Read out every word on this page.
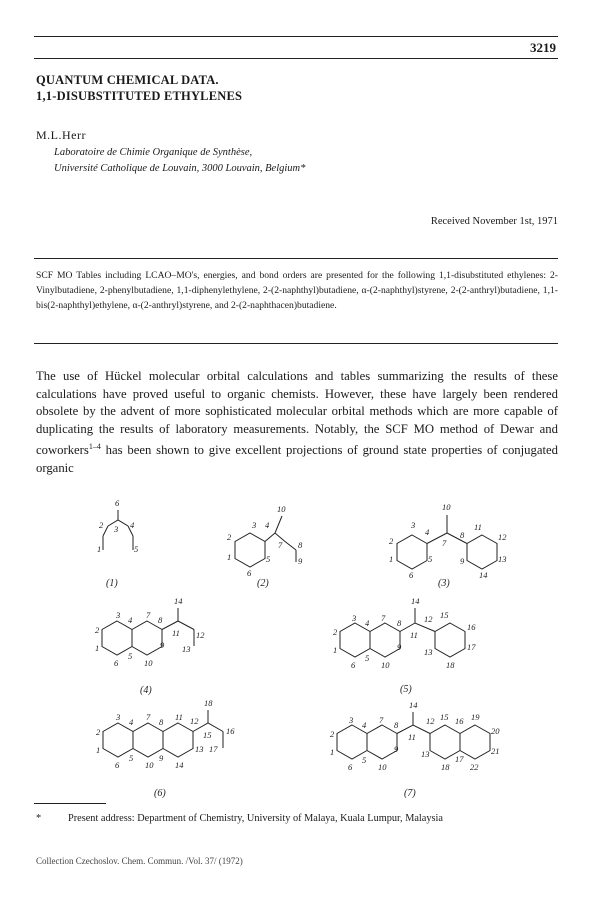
3219
QUANTUM CHEMICAL DATA.
1,1-DISUBSTITUTED ETHYLENES
M.L.Herr
Laboratoire de Chimie Organique de Synthèse,
Université Catholique de Louvain, 3000 Louvain, Belgium*
Received November 1st, 1971
SCF MO Tables including LCAO–MO's, energies, and bond orders are presented for the following 1,1-disubstituted ethylenes: 2-Vinylbutadiene, 2-phenylbutadiene, 1,1-diphenylethylene, 2-(2-naphthyl)butadiene, α-(2-naphthyl)styrene, 2-(2-anthryl)butadiene, 1,1-bis(2-naphthyl)ethylene, α-(2-anthryl)styrene, and 2-(2-naphthacen)butadiene.
The use of Hückel molecular orbital calculations and tables summarizing the results of these calculations have proved useful to organic chemists. However, these have largely been rendered obsolete by the advent of more sophisticated molecular orbital methods which are more capable of duplicating the results of laboratory measurements. Notably, the SCF MO method of Dewar and coworkers$^{1-4}$ has been shown to give excellent projections of ground state properties of conjugated organic
6
2 3 4
1	5
10
3 4
7 8
2
1	5
6
9
10
3
4
7
8
11
12
2
1	5
6
9	13
14
14
3 4 7 8
2
1
5
6	10
9
11 12
13
14
3 4 7 8	12 15
16
2
1
5
6	10
9
11
13	17
18
18
3 4 7 8 11 12
2
1
5
6	10
9
14
15 16
13 17
14
3 4 7 8	12 15 16 19
20
2
1
5
6	10
9
11
13
18
17
22
21
(1)	(2)	(3)
(4)	(5)
(6)	(7)
*	Present address: Department of Chemistry, University of Malaya, Kuala Lumpur, Malaysia
Collection Czechoslov. Chem. Commun. /Vol. 37/ (1972)
